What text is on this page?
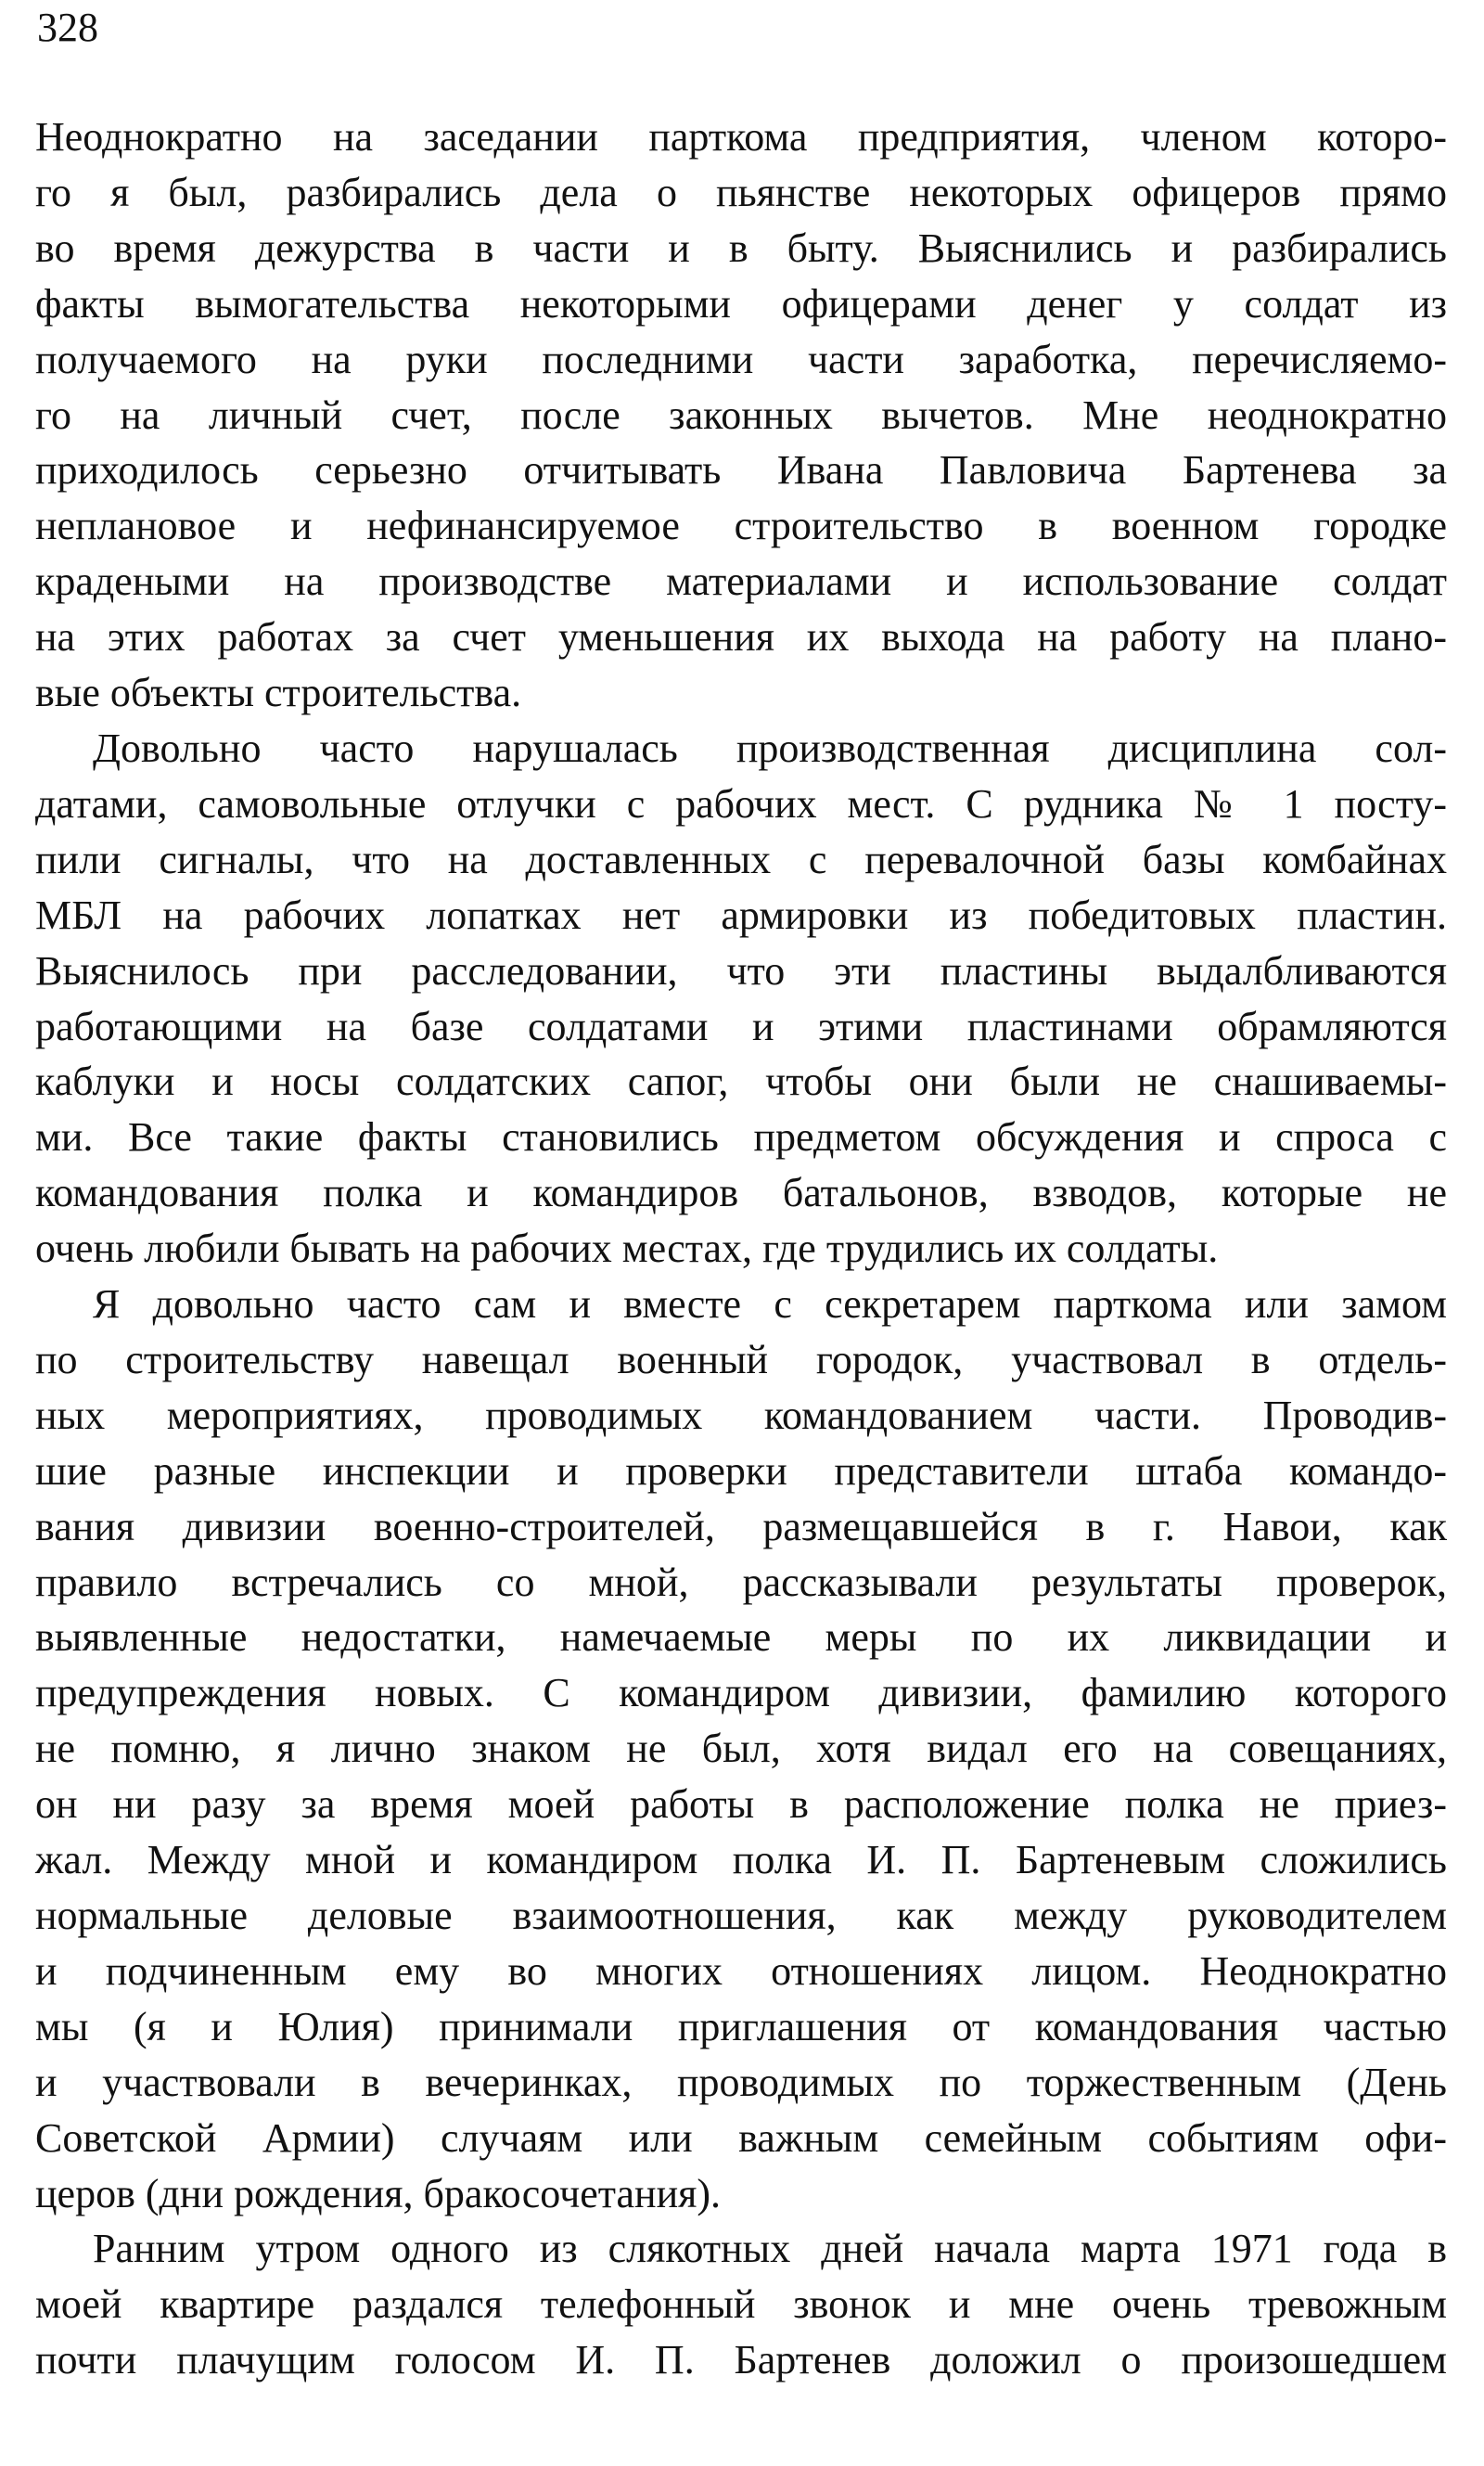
328
Неоднократно на заседании парткома предприятия, членом которо-
го я был, разбирались дела о пьянстве некоторых офицеров прямо
во время дежурства в части и в быту. Выяснились и разбирались
факты вымогательства некоторыми офицерами денег у солдат из
получаемого на руки последними части заработка, перечисляемо-
го на личный счет, после законных вычетов. Мне неоднократно
приходилось серьезно отчитывать Ивана Павловича Бартенева за
неплановое и нефинансируемое строительство в военном городке
крадеными на производстве материалами и использование солдат
на этих работах за счет уменьшения их выхода на работу на плано-
вые объекты строительства.
Довольно часто нарушалась производственная дисциплина сол-
датами, самовольные отлучки с рабочих мест. С рудника № 1 посту-
пили сигналы, что на доставленных с перевалочной базы комбайнах
МБЛ на рабочих лопатках нет армировки из победитовых пластин.
Выяснилось при расследовании, что эти пластины выдалбливаются
работающими на базе солдатами и этими пластинами обрамляются
каблуки и носы солдатских сапог, чтобы они были не снашиваемы-
ми. Все такие факты становились предметом обсуждения и спроса с
командования полка и командиров батальонов, взводов, которые не
очень любили бывать на рабочих местах, где трудились их солдаты.
Я довольно часто сам и вместе с секретарем парткома или замом
по строительству навещал военный городок, участвовал в отдель-
ных мероприятиях, проводимых командованием части. Проводив-
шие разные инспекции и проверки представители штаба командо-
вания дивизии военно-строителей, размещавшейся в г. Навои, как
правило встречались со мной, рассказывали результаты проверок,
выявленные недостатки, намечаемые меры по их ликвидации и
предупреждения новых. С командиром дивизии, фамилию которого
не помню, я лично знаком не был, хотя видал его на совещаниях,
он ни разу за время моей работы в расположение полка не приез-
жал. Между мной и командиром полка И. П. Бартеневым сложились
нормальные деловые взаимоотношения, как между руководителем
и подчиненным ему во многих отношениях лицом. Неоднократно
мы (я и Юлия) принимали приглашения от командования частью
и участвовали в вечеринках, проводимых по торжественным (День
Советской Армии) случаям или важным семейным событиям офи-
церов (дни рождения, бракосочетания).
Ранним утром одного из слякотных дней начала марта 1971 года в
моей квартире раздался телефонный звонок и мне очень тревожным
почти плачущим голосом И. П. Бартенев доложил о произошедшем
